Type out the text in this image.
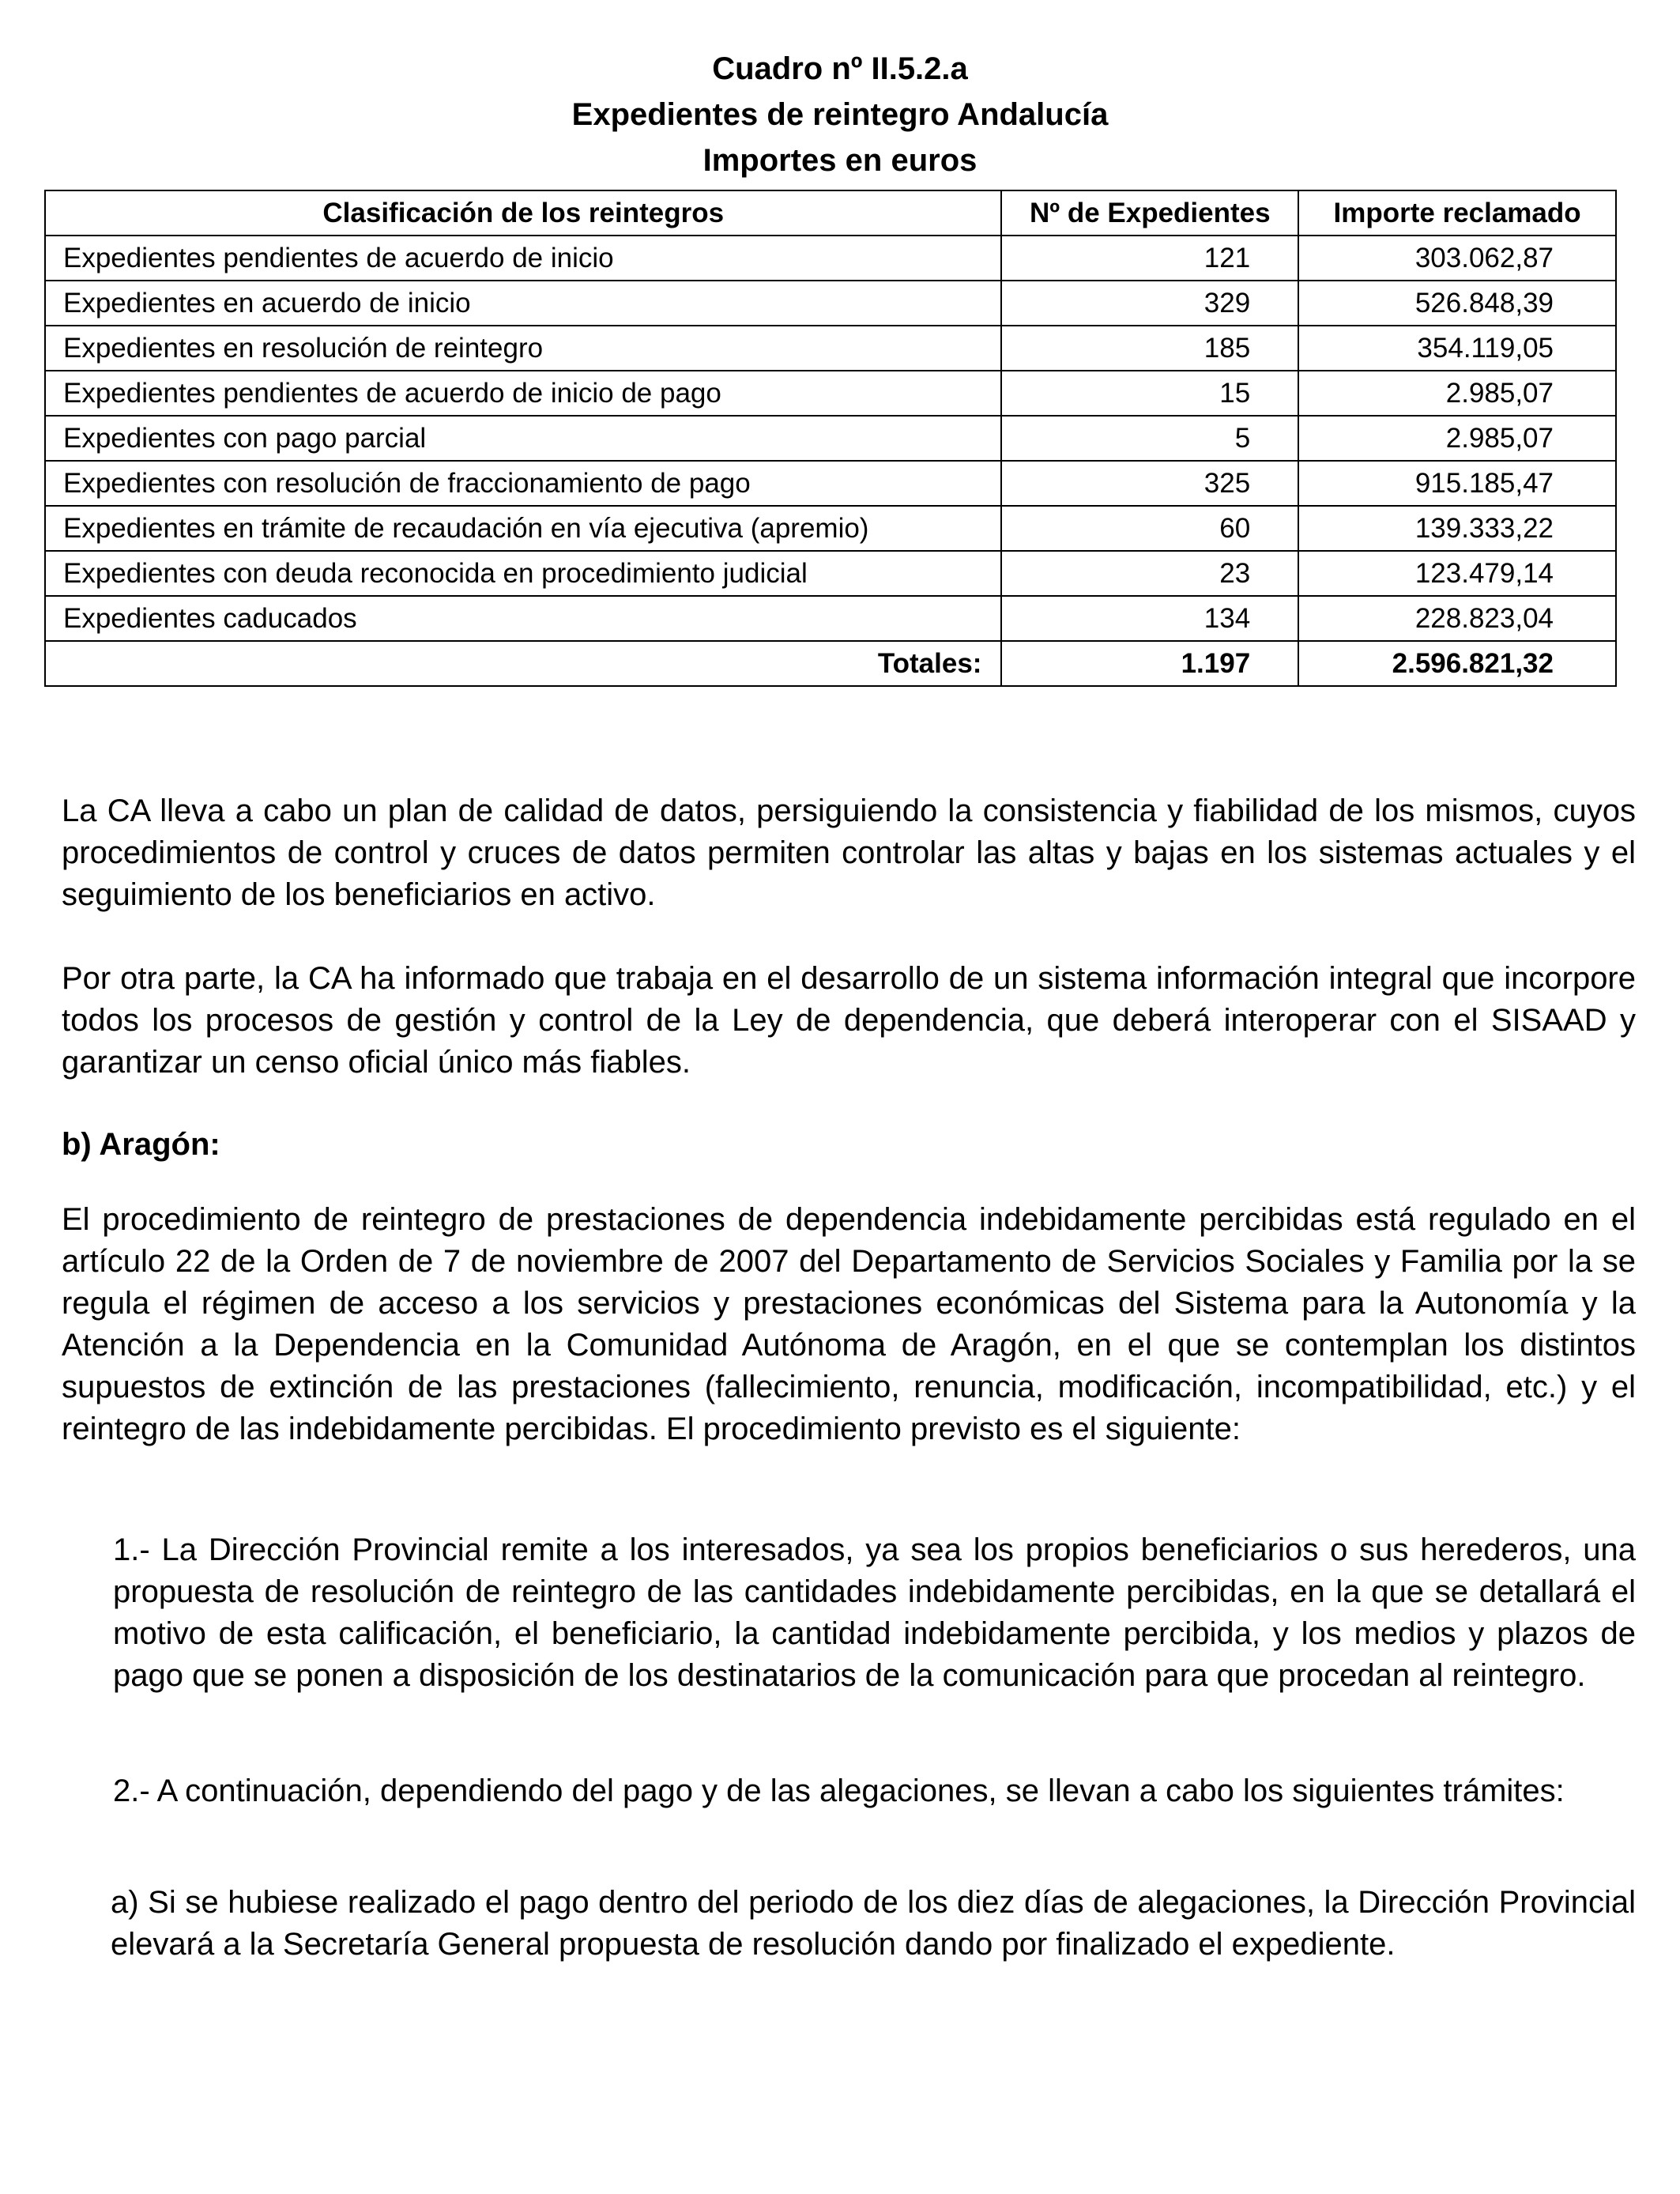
Cuadro nº II.5.2.a
Expedientes de reintegro Andalucía
Importes en euros
Clasificación de los reintegros	Nº de Expedientes	Importe reclamado
Expedientes pendientes de acuerdo de inicio	121	303.062,87
Expedientes en acuerdo de inicio	329	526.848,39
Expedientes en resolución de reintegro	185	354.119,05
Expedientes pendientes de acuerdo de inicio de pago	15	2.985,07
Expedientes con pago parcial	5	2.985,07
Expedientes con resolución de fraccionamiento de pago	325	915.185,47
Expedientes en trámite de recaudación en vía ejecutiva (apremio)	60	139.333,22
Expedientes con deuda reconocida en procedimiento judicial	23	123.479,14
Expedientes caducados	134	228.823,04
Totales:	1.197	2.596.821,32

La CA lleva a cabo un plan de calidad de datos, persiguiendo la consistencia y fiabilidad de los mismos, cuyos procedimientos de control y cruces de datos permiten controlar las altas y bajas en los sistemas actuales y el seguimiento de los beneficiarios en activo.

Por otra parte, la CA ha informado que trabaja en el desarrollo de un sistema información integral que incorpore todos los procesos de gestión y control de la Ley de dependencia, que deberá interoperar con el SISAAD y garantizar un censo oficial único más fiables.

b) Aragón:

El procedimiento de reintegro de prestaciones de dependencia indebidamente percibidas está regulado en el artículo 22 de la Orden de 7 de noviembre de 2007 del Departamento de Servicios Sociales y Familia por la se regula el régimen de acceso a los servicios y prestaciones económicas del Sistema para la Autonomía y la Atención a la Dependencia en la Comunidad Autónoma de Aragón, en el que se contemplan los distintos supuestos de extinción de las prestaciones (fallecimiento, renuncia, modificación, incompatibilidad, etc.) y el reintegro de las indebidamente percibidas. El procedimiento previsto es el siguiente:

1.- La Dirección Provincial remite a los interesados, ya sea los propios beneficiarios o sus herederos, una propuesta de resolución de reintegro de las cantidades indebidamente percibidas, en la que se detallará el motivo de esta calificación, el beneficiario, la cantidad indebidamente percibida, y los medios y plazos de pago que se ponen a disposición de los destinatarios de la comunicación para que procedan al reintegro.

2.- A continuación, dependiendo del pago y de las alegaciones, se llevan a cabo los siguientes trámites:

a) Si se hubiese realizado el pago dentro del periodo de los diez días de alegaciones, la Dirección Provincial elevará a la Secretaría General propuesta de resolución dando por finalizado el expediente.
